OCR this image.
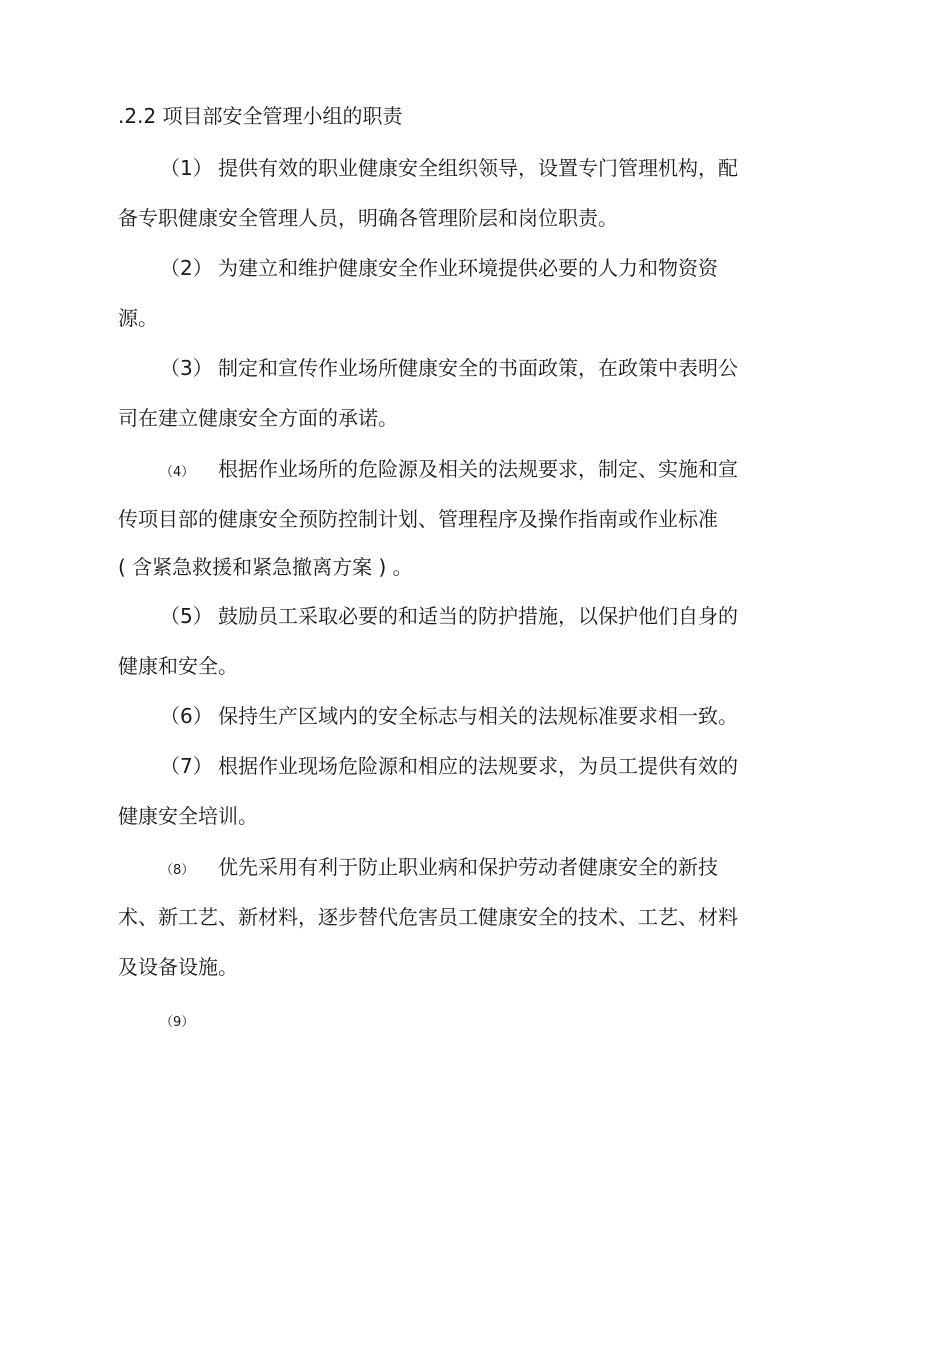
.2.2 项目部安全管理小组的职责
（1） 提供有效的职业健康安全组织领导，设置专门管理机构，配
备专职健康安全管理人员，明确各管理阶层和岗位职责。
（2） 为建立和维护健康安全作业环境提供必要的人力和物资资
源。
（3） 制定和宣传作业场所健康安全的书面政策，在政策中表明公
司在建立健康安全方面的承诺。
（4） 根据作业场所的危险源及相关的法规要求，制定、实施和宣
传项目部的健康安全预防控制计划、管理程序及操作指南或作业标准
( 含紧急救援和紧急撤离方案 ) 。
（5） 鼓励员工采取必要的和适当的防护措施，以保护他们自身的
健康和安全。
（6） 保持生产区域内的安全标志与相关的法规标准要求相一致。
（7） 根据作业现场危险源和相应的法规要求，为员工提供有效的
健康安全培训。
（8） 优先采用有利于防止职业病和保护劳动者健康安全的新技
术、新工艺、新材料，逐步替代危害员工健康安全的技术、工艺、材料
及设备设施。
（9）
